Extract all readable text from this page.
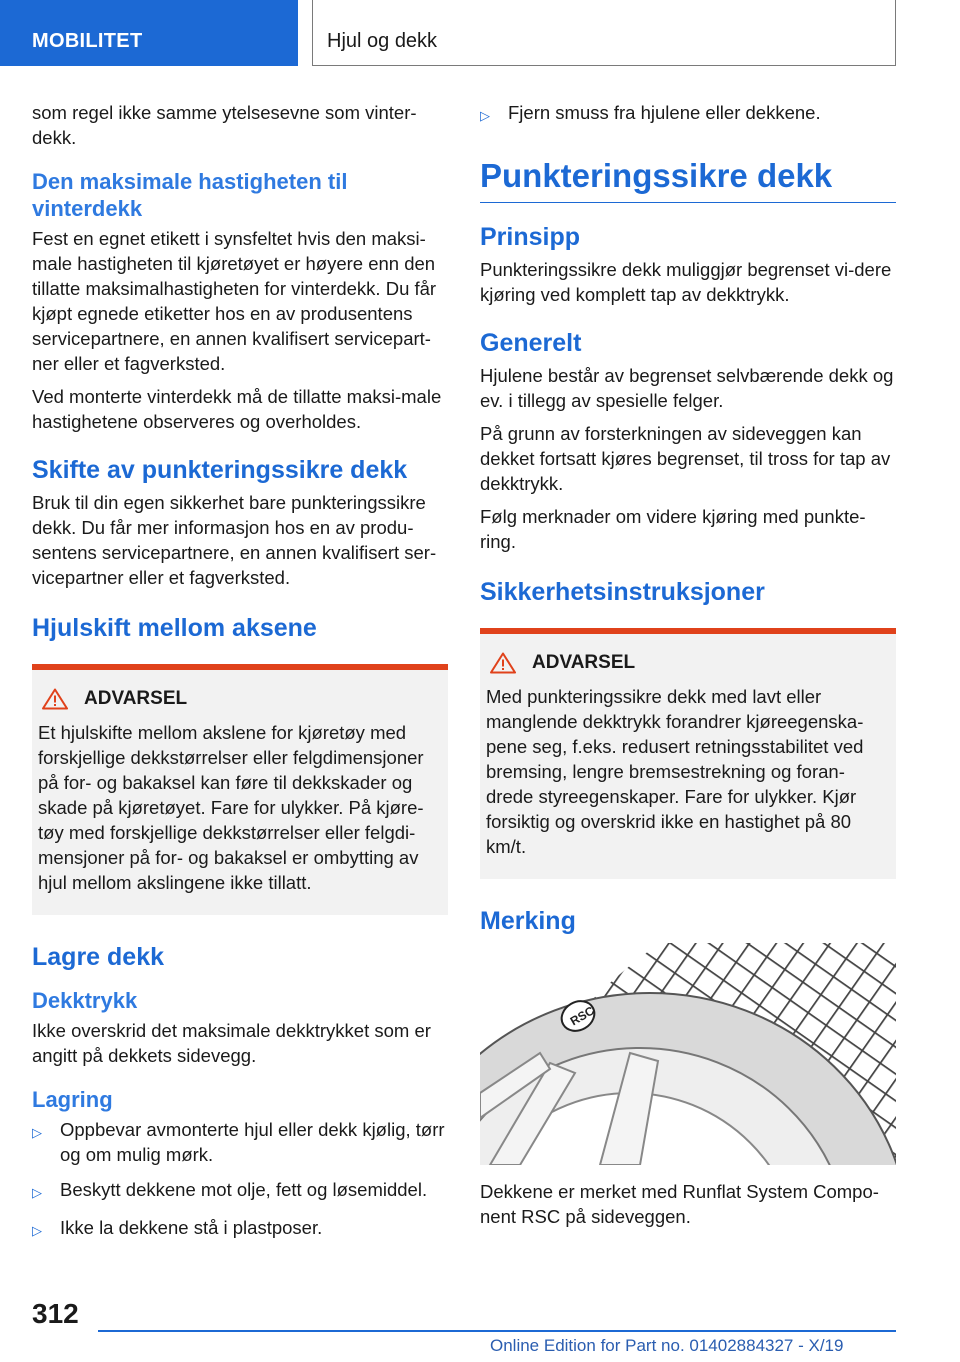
MOBILITET	Hjul og dekk

som regel ikke samme ytelsesevne som vinter-dekk.

Den maksimale hastigheten til vinterdekk

Fest en egnet etikett i synsfeltet hvis den maksi-male hastigheten til kjøretøyet er høyere enn den tillatte maksimalhastigheten for vinterdekk. Du får kjøpt egnede etiketter hos en av produsentens servicepartnere, en annen kvalifisert servicepart-ner eller et fagverksted.

Ved monterte vinterdekk må de tillatte maksi-male hastighetene observeres og overholdes.

Skifte av punkteringssikre dekk

Bruk til din egen sikkerhet bare punkteringssikre dekk. Du får mer informasjon hos en av produ-sentens servicepartnere, en annen kvalifisert ser-vicepartner eller et fagverksted.

Hjulskift mellom aksene
ADVARSEL

Et hjulskifte mellom akslene for kjøretøy med forskjellige dekkstørrelser eller felgdimensjoner på for- og bakaksel kan føre til dekkskader og skade på kjøretøyet. Fare for ulykker. På kjøre-tøy med forskjellige dekkstørrelser eller felgdi-mensjoner på for- og bakaksel er ombytting av hjul mellom akslingene ikke tillatt.

Lagre dekk
Dekktrykk

Ikke overskrid det maksimale dekktrykket som er angitt på dekkets sidevegg.

Lagring
▷ Oppbevar avmonterte hjul eller dekk kjølig, tørr og om mulig mørk.
▷ Beskytt dekkene mot olje, fett og løsemiddel.
▷ Ikke la dekkene stå i plastposer.
▷ Fjern smuss fra hjulene eller dekkene.
Punkteringssikre dekk
Prinsipp

Punkteringssikre dekk muliggjør begrenset vi-dere kjøring ved komplett tap av dekktrykk.

Generelt

Hjulene består av begrenset selvbærende dekk og ev. i tillegg av spesielle felger.

På grunn av forsterkningen av sideveggen kan dekket fortsatt kjøres begrenset, til tross for tap av dekktrykk.

Følg merknader om videre kjøring med punkte-ring.

Sikkerhetsinstruksjoner
ADVARSEL

Med punkteringssikre dekk med lavt eller manglende dekktrykk forandrer kjøreegenska-pene seg, f.eks. redusert retningsstabilitet ved bremsing, lengre bremsestrekning og foran-drede styreegenskaper. Fare for ulykker. Kjør forsiktig og overskrid ikke en hastighet på 80 km/t.

Merking
RSC

Dekkene er merket med Runflat System Compo-nent RSC på sideveggen.

312
Online Edition for Part no. 01402884327 - X/19
